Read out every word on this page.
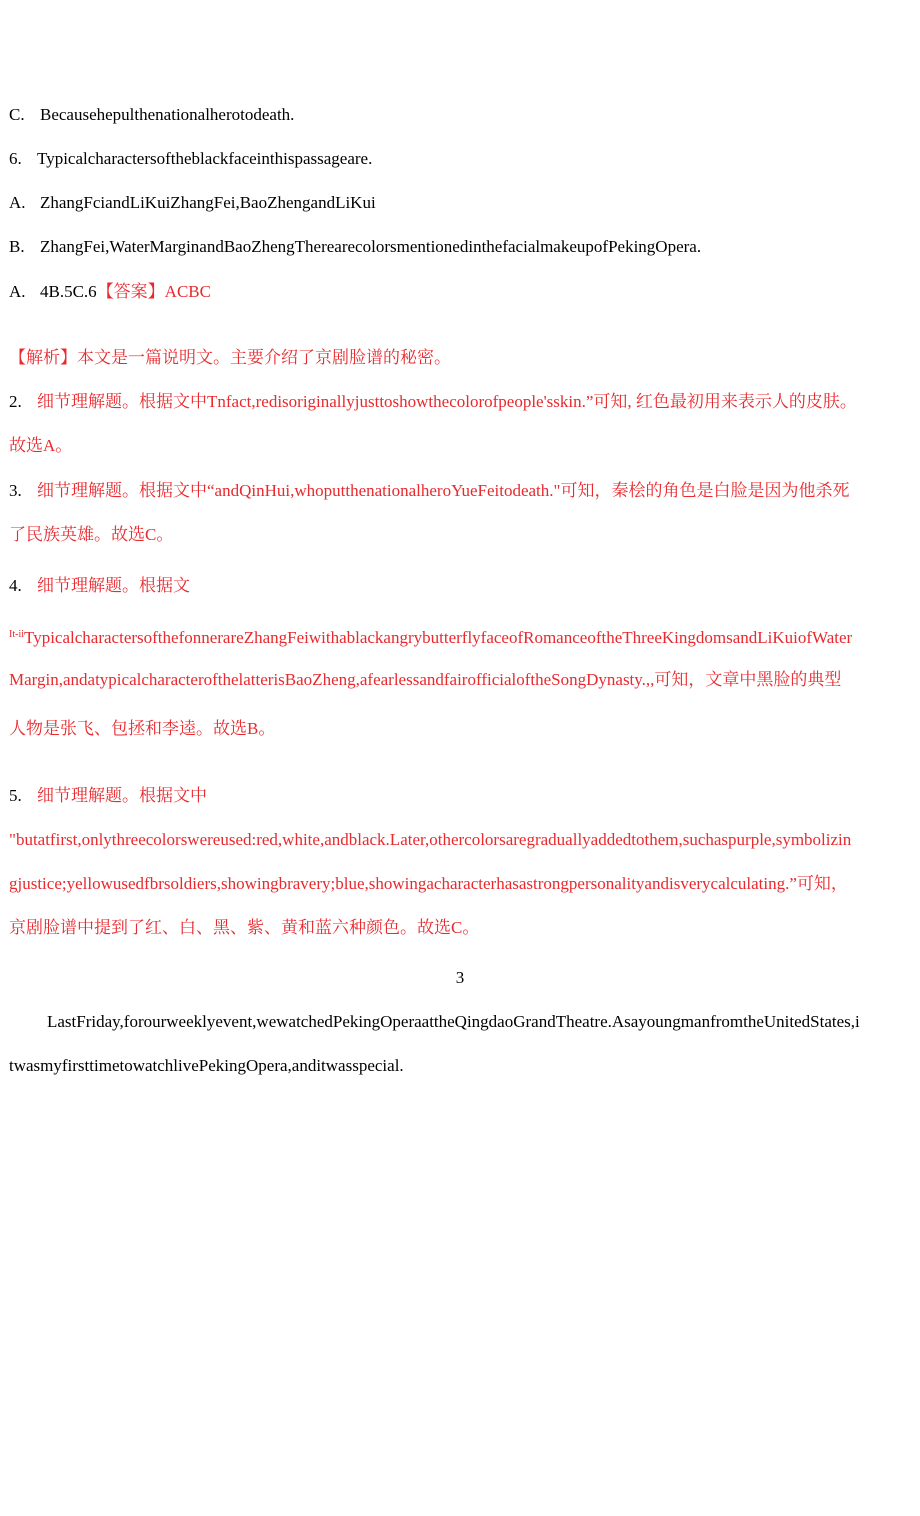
C. Becausehepulthenationalherotodeath.
6. Typicalcharactersoftheblackfaceinthispassageare.
A. ZhangFciandLiKuiZhangFei,BaoZhengandLiKui
B. ZhangFei,WaterMarginandBaoZhengTherearecolorsmentionedinthefacialmakeupofPekingOpera.
A. 4B.5C.6【答案】ACBC
【解析】本文是一篇说明文。主要介绍了京剧脸谱的秘密。
2. 细节理解题。根据文中Tnfact,redisoriginallyjusttoshowthecolorofpeople'sskin.”可知, 红色最初用来表示人的皮肤。
故选A。
3. 细节理解题。根据文中“andQinHui,whoputthenationalheroYueFeitodeath."可知，秦桧的角色是白脸是因为他杀死
了民族英雄。故选C。
4. 细节理解题。根据文
$^{It-ii}$TypicalcharactersofthefonnerareZhangFeiwithablackangrybutterflyfaceofRomanceoftheThreeKingdomsandLiKuiofWater
Margin,andatypicalcharacterofthelatterisBaoZheng,afearlessandfairofficialoftheSongDynasty.,,可知，文章中黑脸的典型
人物是张飞、包拯和李逵。故选B。
5. 细节理解题。根据文中
"butatfirst,onlythreecolorswereused:red,white,andblack.Later,othercolorsaregraduallyaddedtothem,suchaspurple,symbolizin
gjustice;yellowusedfbrsoldiers,showingbravery;blue,showingacharacterhasastrongpersonalityandisverycalculating.”可知，
京剧脸谱中提到了红、白、黑、紫、黄和蓝六种颜色。故选C。
3
LastFriday,forourweeklyevent,wewatchedPekingOperaattheQingdaoGrandTheatre.AsayoungmanfromtheUnitedStates,i
twasmyfirsttimetowatchlivePekingOpera,anditwasspecial.
